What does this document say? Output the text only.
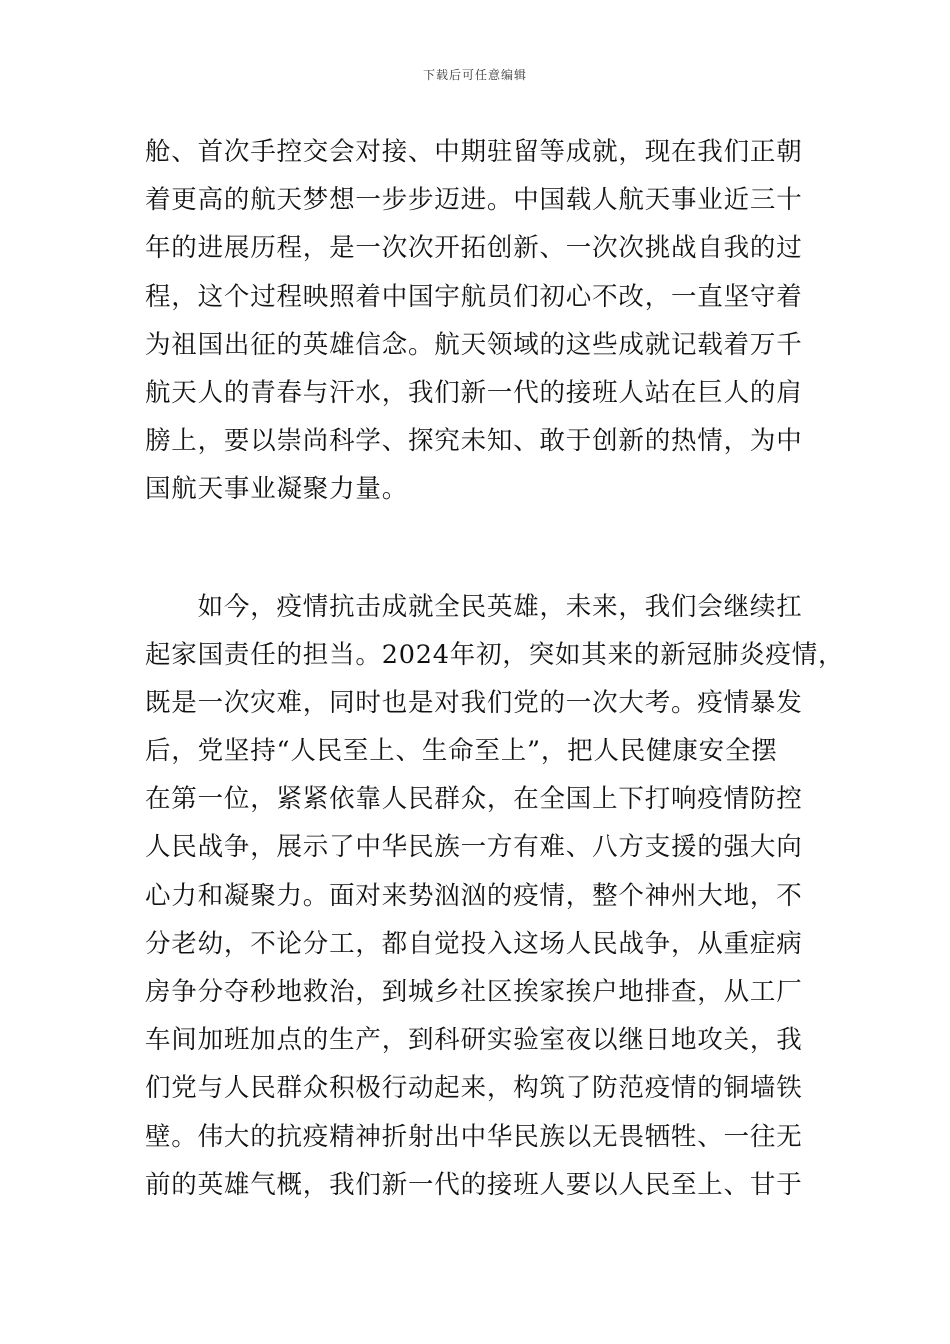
下载后可任意编辑
舱、首次手控交会对接、中期驻留等成就，现在我们正朝
着更高的航天梦想一步步迈进。中国载人航天事业近三十
年的进展历程，是一次次开拓创新、一次次挑战自我的过
程，这个过程映照着中国宇航员们初心不改，一直坚守着
为祖国出征的英雄信念。航天领域的这些成就记载着万千
航天人的青春与汗水，我们新一代的接班人站在巨人的肩
膀上，要以崇尚科学、探究未知、敢于创新的热情，为中
国航天事业凝聚力量。
　　如今，疫情抗击成就全民英雄，未来，我们会继续扛
起家国责任的担当。2024年初，突如其来的新冠肺炎疫情，
既是一次灾难，同时也是对我们党的一次大考。疫情暴发
后，党坚持“人民至上、生命至上”，把人民健康安全摆
在第一位，紧紧依靠人民群众，在全国上下打响疫情防控
人民战争，展示了中华民族一方有难、八方支援的强大向
心力和凝聚力。面对来势汹汹的疫情，整个神州大地，不
分老幼，不论分工，都自觉投入这场人民战争，从重症病
房争分夺秒地救治，到城乡社区挨家挨户地排查，从工厂
车间加班加点的生产，到科研实验室夜以继日地攻关，我
们党与人民群众积极行动起来，构筑了防范疫情的铜墙铁
壁。伟大的抗疫精神折射出中华民族以无畏牺牲、一往无
前的英雄气概，我们新一代的接班人要以人民至上、甘于
